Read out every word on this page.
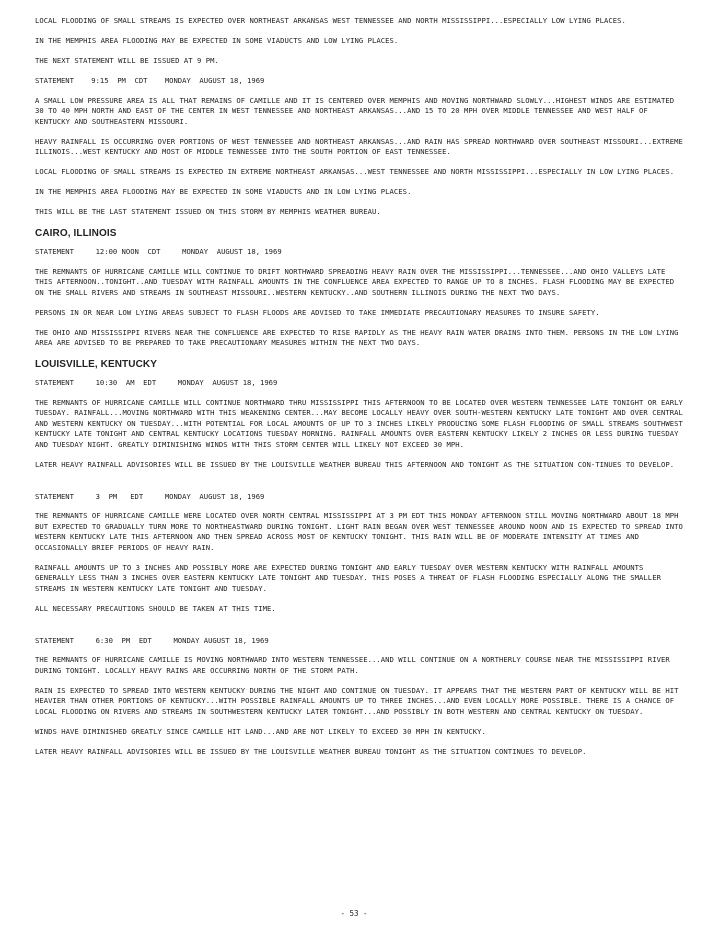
LOCAL FLOODING OF SMALL STREAMS IS EXPECTED OVER NORTHEAST ARKANSAS WEST TENNESSEE AND NORTH MISSISSIPPI...ESPECIALLY LOW LYING PLACES.
IN THE MEMPHIS AREA FLOODING MAY BE EXPECTED IN SOME VIADUCTS AND LOW LYING PLACES.
THE NEXT STATEMENT WILL BE ISSUED AT 9 PM.
STATEMENT    9:15  PM  CDT    MONDAY  AUGUST 18, 1969
A SMALL LOW PRESSURE AREA IS ALL THAT REMAINS OF CAMILLE AND IT IS CENTERED OVER MEMPHIS AND MOVING NORTHWARD SLOWLY...HIGHEST WINDS ARE ESTIMATED 30 TO 40 MPH NORTH AND EAST OF THE CENTER IN WEST TENNESSEE AND NORTHEAST ARKANSAS...AND 15 TO 20 MPH OVER MIDDLE TENNESSEE AND WEST HALF OF KENTUCKY AND SOUTHEASTERN MISSOURI.
HEAVY RAINFALL IS OCCURRING OVER PORTIONS OF WEST TENNESSEE AND NORTHEAST ARKANSAS...AND RAIN HAS SPREAD NORTHWARD OVER SOUTHEAST MISSOURI...EXTREME ILLINOIS...WEST KENTUCKY AND MOST OF MIDDLE TENNESSEE INTO THE SOUTH PORTION OF EAST TENNESSEE.
LOCAL FLOODING OF SMALL STREAMS IS EXPECTED IN EXTREME NORTHEAST ARKANSAS...WEST TENNESSEE AND NORTH MISSISSIPPI...ESPECIALLY IN LOW LYING PLACES.
IN THE MEMPHIS AREA FLOODING MAY BE EXPECTED IN SOME VIADUCTS AND IN LOW LYING PLACES.
THIS WILL BE THE LAST STATEMENT ISSUED ON THIS STORM BY MEMPHIS WEATHER BUREAU.
CAIRO, ILLINOIS
STATEMENT     12:00 NOON  CDT     MONDAY  AUGUST 18, 1969
THE REMNANTS OF HURRICANE CAMILLE WILL CONTINUE TO DRIFT NORTHWARD SPREADING HEAVY RAIN OVER THE MISSISSIPPI...TENNESSEE...AND OHIO VALLEYS LATE THIS AFTERNOON..TONIGHT..AND TUESDAY WITH RAINFALL AMOUNTS IN THE CONFLUENCE AREA EXPECTED TO RANGE UP TO 8 INCHES. FLASH FLOODING MAY BE EXPECTED ON THE SMALL RIVERS AND STREAMS IN SOUTHEAST MISSOURI..WESTERN KENTUCKY..AND SOUTHERN ILLINOIS DURING THE NEXT TWO DAYS.
PERSONS IN OR NEAR LOW LYING AREAS SUBJECT TO FLASH FLOODS ARE ADVISED TO TAKE IMMEDIATE PRECAUTIONARY MEASURES TO INSURE SAFETY.
THE OHIO AND MISSISSIPPI RIVERS NEAR THE CONFLUENCE ARE EXPECTED TO RISE RAPIDLY AS THE HEAVY RAIN WATER DRAINS INTO THEM. PERSONS IN THE LOW LYING AREA ARE ADVISED TO BE PREPARED TO TAKE PRECAUTIONARY MEASURES WITHIN THE NEXT TWO DAYS.
LOUISVILLE, KENTUCKY
STATEMENT     10:30  AM  EDT     MONDAY  AUGUST 18, 1969
THE REMNANTS OF HURRICANE CAMILLE WILL CONTINUE NORTHWARD THRU MISSISSIPPI THIS AFTERNOON TO BE LOCATED OVER WESTERN TENNESSEE LATE TONIGHT OR EARLY TUESDAY. RAINFALL...MOVING NORTHWARD WITH THIS WEAKENING CENTER...MAY BECOME LOCALLY HEAVY OVER SOUTH-WESTERN KENTUCKY LATE TONIGHT AND OVER CENTRAL AND WESTERN KENTUCKY ON TUESDAY...WITH POTENTIAL FOR LOCAL AMOUNTS OF UP TO 3 INCHES LIKELY PRODUCING SOME FLASH FLOODING OF SMALL STREAMS SOUTHWEST KENTUCKY LATE TONIGHT AND CENTRAL KENTUCKY LOCATIONS TUESDAY MORNING. RAINFALL AMOUNTS OVER EASTERN KENTUCKY LIKELY 2 INCHES OR LESS DURING TUESDAY AND TUESDAY NIGHT. GREATLY DIMINISHING WINDS WITH THIS STORM CENTER WILL LIKELY NOT EXCEED 30 MPH.
LATER HEAVY RAINFALL ADVISORIES WILL BE ISSUED BY THE LOUISVILLE WEATHER BUREAU THIS AFTERNOON AND TONIGHT AS THE SITUATION CON-TINUES TO DEVELOP.
STATEMENT     3  PM   EDT     MONDAY  AUGUST 18, 1969
THE REMNANTS OF HURRICANE CAMILLE WERE LOCATED OVER NORTH CENTRAL MISSISSIPPI AT 3 PM EDT THIS MONDAY AFTERNOON STILL MOVING NORTHWARD ABOUT 18 MPH BUT EXPECTED TO GRADUALLY TURN MORE TO NORTHEASTWARD DURING TONIGHT. LIGHT RAIN BEGAN OVER WEST TENNESSEE AROUND NOON AND IS EXPECTED TO SPREAD INTO WESTERN KENTUCKY LATE THIS AFTERNOON AND THEN SPREAD ACROSS MOST OF KENTUCKY TONIGHT. THIS RAIN WILL BE OF MODERATE INTENSITY AT TIMES AND OCCASIONALLY BRIEF PERIODS OF HEAVY RAIN.
RAINFALL AMOUNTS UP TO 3 INCHES AND POSSIBLY MORE ARE EXPECTED DURING TONIGHT AND EARLY TUESDAY OVER WESTERN KENTUCKY WITH RAINFALL AMOUNTS GENERALLY LESS THAN 3 INCHES OVER EASTERN KENTUCKY LATE TONIGHT AND TUESDAY. THIS POSES A THREAT OF FLASH FLOODING ESPECIALLY ALONG THE SMALLER STREAMS IN WESTERN KENTUCKY LATE TONIGHT AND TUESDAY.
ALL NECESSARY PRECAUTIONS SHOULD BE TAKEN AT THIS TIME.
STATEMENT     6:30  PM  EDT     MONDAY AUGUST 18, 1969
THE REMNANTS OF HURRICANE CAMILLE IS MOVING NORTHWARD INTO WESTERN TENNESSEE...AND WILL CONTINUE ON A NORTHERLY COURSE NEAR THE MISSISSIPPI RIVER DURING TONIGHT. LOCALLY HEAVY RAINS ARE OCCURRING NORTH OF THE STORM PATH.
RAIN IS EXPECTED TO SPREAD INTO WESTERN KENTUCKY DURING THE NIGHT AND CONTINUE ON TUESDAY. IT APPEARS THAT THE WESTERN PART OF KENTUCKY WILL BE HIT HEAVIER THAN OTHER PORTIONS OF KENTUCKY...WITH POSSIBLE RAINFALL AMOUNTS UP TO THREE INCHES...AND EVEN LOCALLY MORE POSSIBLE. THERE IS A CHANCE OF LOCAL FLOODING ON RIVERS AND STREAMS IN SOUTHWESTERN KENTUCKY LATER TONIGHT...AND POSSIBLY IN BOTH WESTERN AND CENTRAL KENTUCKY ON TUESDAY.
WINDS HAVE DIMINISHED GREATLY SINCE CAMILLE HIT LAND...AND ARE NOT LIKELY TO EXCEED 30 MPH IN KENTUCKY.
LATER HEAVY RAINFALL ADVISORIES WILL BE ISSUED BY THE LOUISVILLE WEATHER BUREAU TONIGHT AS THE SITUATION CONTINUES TO DEVELOP.
- 53 -
